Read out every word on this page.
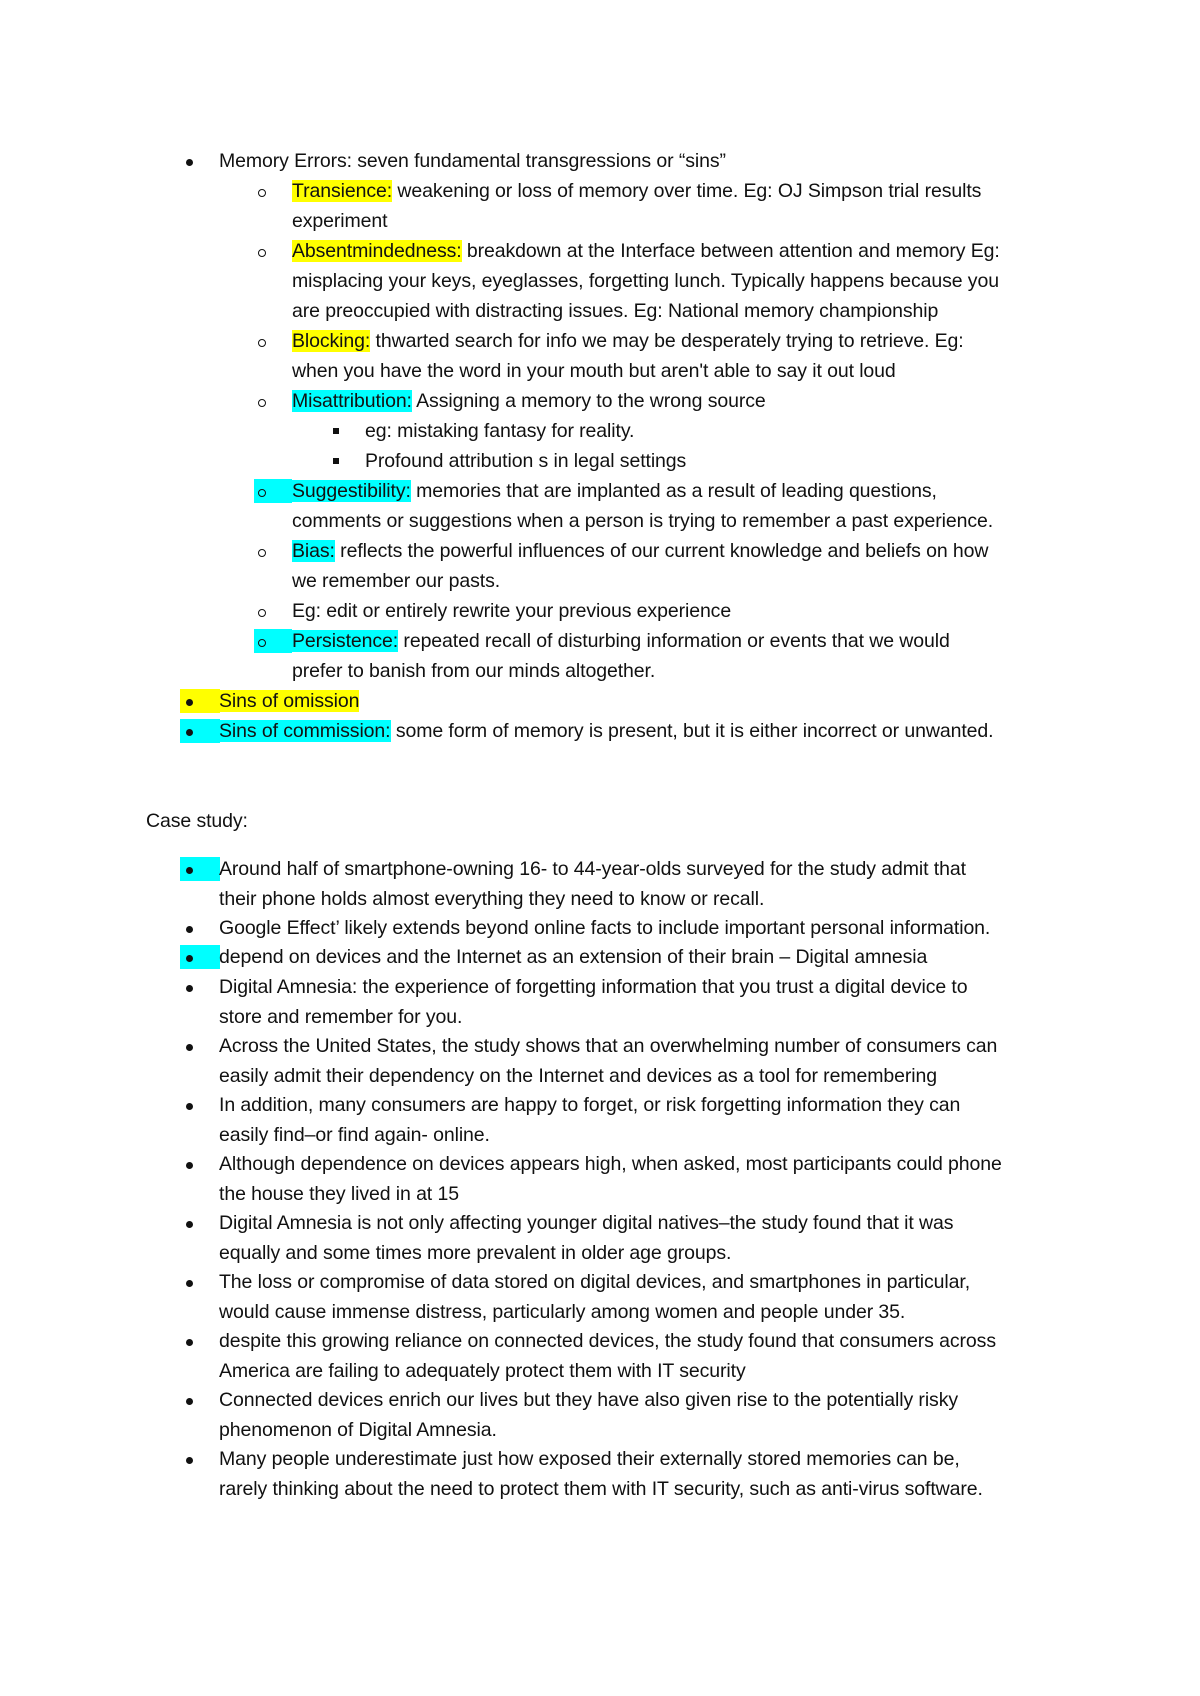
Memory Errors: seven fundamental transgressions or “sins”
Transience: weakening or loss of memory over time. Eg: OJ Simpson trial results
experiment
Absentmindedness: breakdown at the Interface between attention and memory Eg:
misplacing your keys, eyeglasses, forgetting lunch. Typically happens because you
are preoccupied with distracting issues. Eg: National memory championship
Blocking: thwarted search for info we may be desperately trying to retrieve. Eg:
when you have the word in your mouth but aren't able to say it out loud
Misattribution: Assigning a memory to the wrong source
eg: mistaking fantasy for reality.
Profound attribution s in legal settings
Suggestibility: memories that are implanted as a result of leading questions,
comments or suggestions when a person is trying to remember a past experience.
Bias: reflects the powerful influences of our current knowledge and beliefs on how
we remember our pasts.
Eg: edit or entirely rewrite your previous experience
Persistence: repeated recall of disturbing information or events that we would
prefer to banish from our minds altogether.
Sins of omission
Sins of commission: some form of memory is present, but it is either incorrect or unwanted.
Case study:
Around half of smartphone-owning 16- to 44-year-olds surveyed for the study admit that
their phone holds almost everything they need to know or recall.
Google Effect’ likely extends beyond online facts to include important personal information.
depend on devices and the Internet as an extension of their brain – Digital amnesia
Digital Amnesia: the experience of forgetting information that you trust a digital device to
store and remember for you.
Across the United States, the study shows that an overwhelming number of consumers can
easily admit their dependency on the Internet and devices as a tool for remembering
In addition, many consumers are happy to forget, or risk forgetting information they can
easily find–or find again- online.
Although dependence on devices appears high, when asked, most participants could phone
the house they lived in at 15
Digital Amnesia is not only affecting younger digital natives–the study found that it was
equally and some times more prevalent in older age groups.
The loss or compromise of data stored on digital devices, and smartphones in particular,
would cause immense distress, particularly among women and people under 35.
despite this growing reliance on connected devices, the study found that consumers across
America are failing to adequately protect them with IT security
Connected devices enrich our lives but they have also given rise to the potentially risky
phenomenon of Digital Amnesia.
Many people underestimate just how exposed their externally stored memories can be,
rarely thinking about the need to protect them with IT security, such as anti-virus software.
